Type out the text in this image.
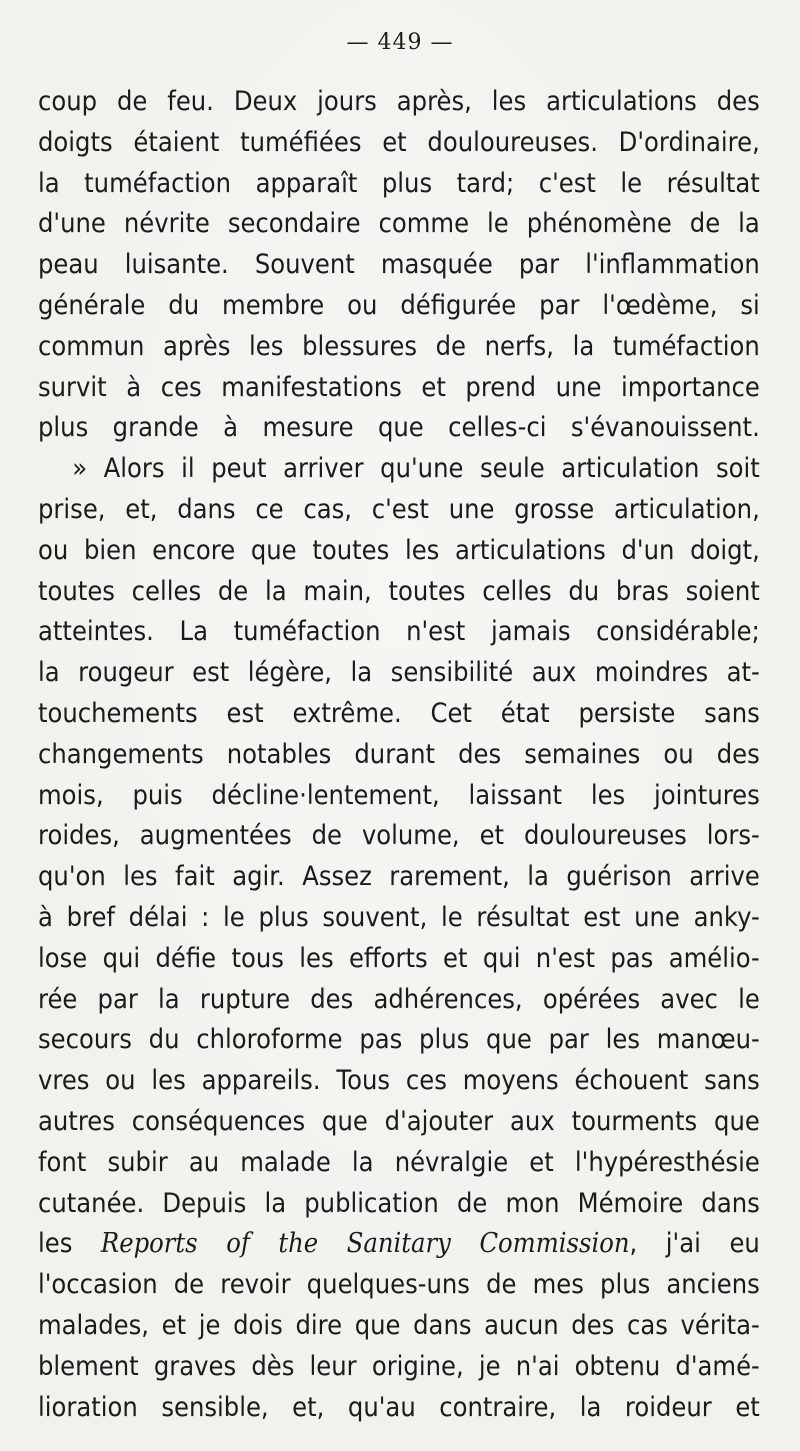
— 449 —

coup de feu. Deux jours après, les articulations des
doigts étaient tuméfiées et douloureuses. D'ordinaire,
la tuméfaction apparaît plus tard; c'est le résultat
d'une névrite secondaire comme le phénomène de la
peau luisante. Souvent masquée par l'inflammation
générale du membre ou défigurée par l'œdème, si
commun après les blessures de nerfs, la tuméfaction
survit à ces manifestations et prend une importance
plus grande à mesure que celles-ci s'évanouissent.
» Alors il peut arriver qu'une seule articulation soit
prise, et, dans ce cas, c'est une grosse articulation,
ou bien encore que toutes les articulations d'un doigt,
toutes celles de la main, toutes celles du bras soient
atteintes. La tuméfaction n'est jamais considérable;
la rougeur est légère, la sensibilité aux moindres at-
touchements est extrême. Cet état persiste sans
changements notables durant des semaines ou des
mois, puis décline·lentement, laissant les jointures
roides, augmentées de volume, et douloureuses lors-
qu'on les fait agir. Assez rarement, la guérison arrive
à bref délai : le plus souvent, le résultat est une anky-
lose qui défie tous les efforts et qui n'est pas amélio-
rée par la rupture des adhérences, opérées avec le
secours du chloroforme pas plus que par les manœu-
vres ou les appareils. Tous ces moyens échouent sans
autres conséquences que d'ajouter aux tourments que
font subir au malade la névralgie et l'hypéresthésie
cutanée. Depuis la publication de mon Mémoire dans
les Reports of the Sanitary Commission, j'ai eu
l'occasion de revoir quelques-uns de mes plus anciens
malades, et je dois dire que dans aucun des cas vérita-
blement graves dès leur origine, je n'ai obtenu d'amé-
lioration sensible, et, qu'au contraire, la roideur et
